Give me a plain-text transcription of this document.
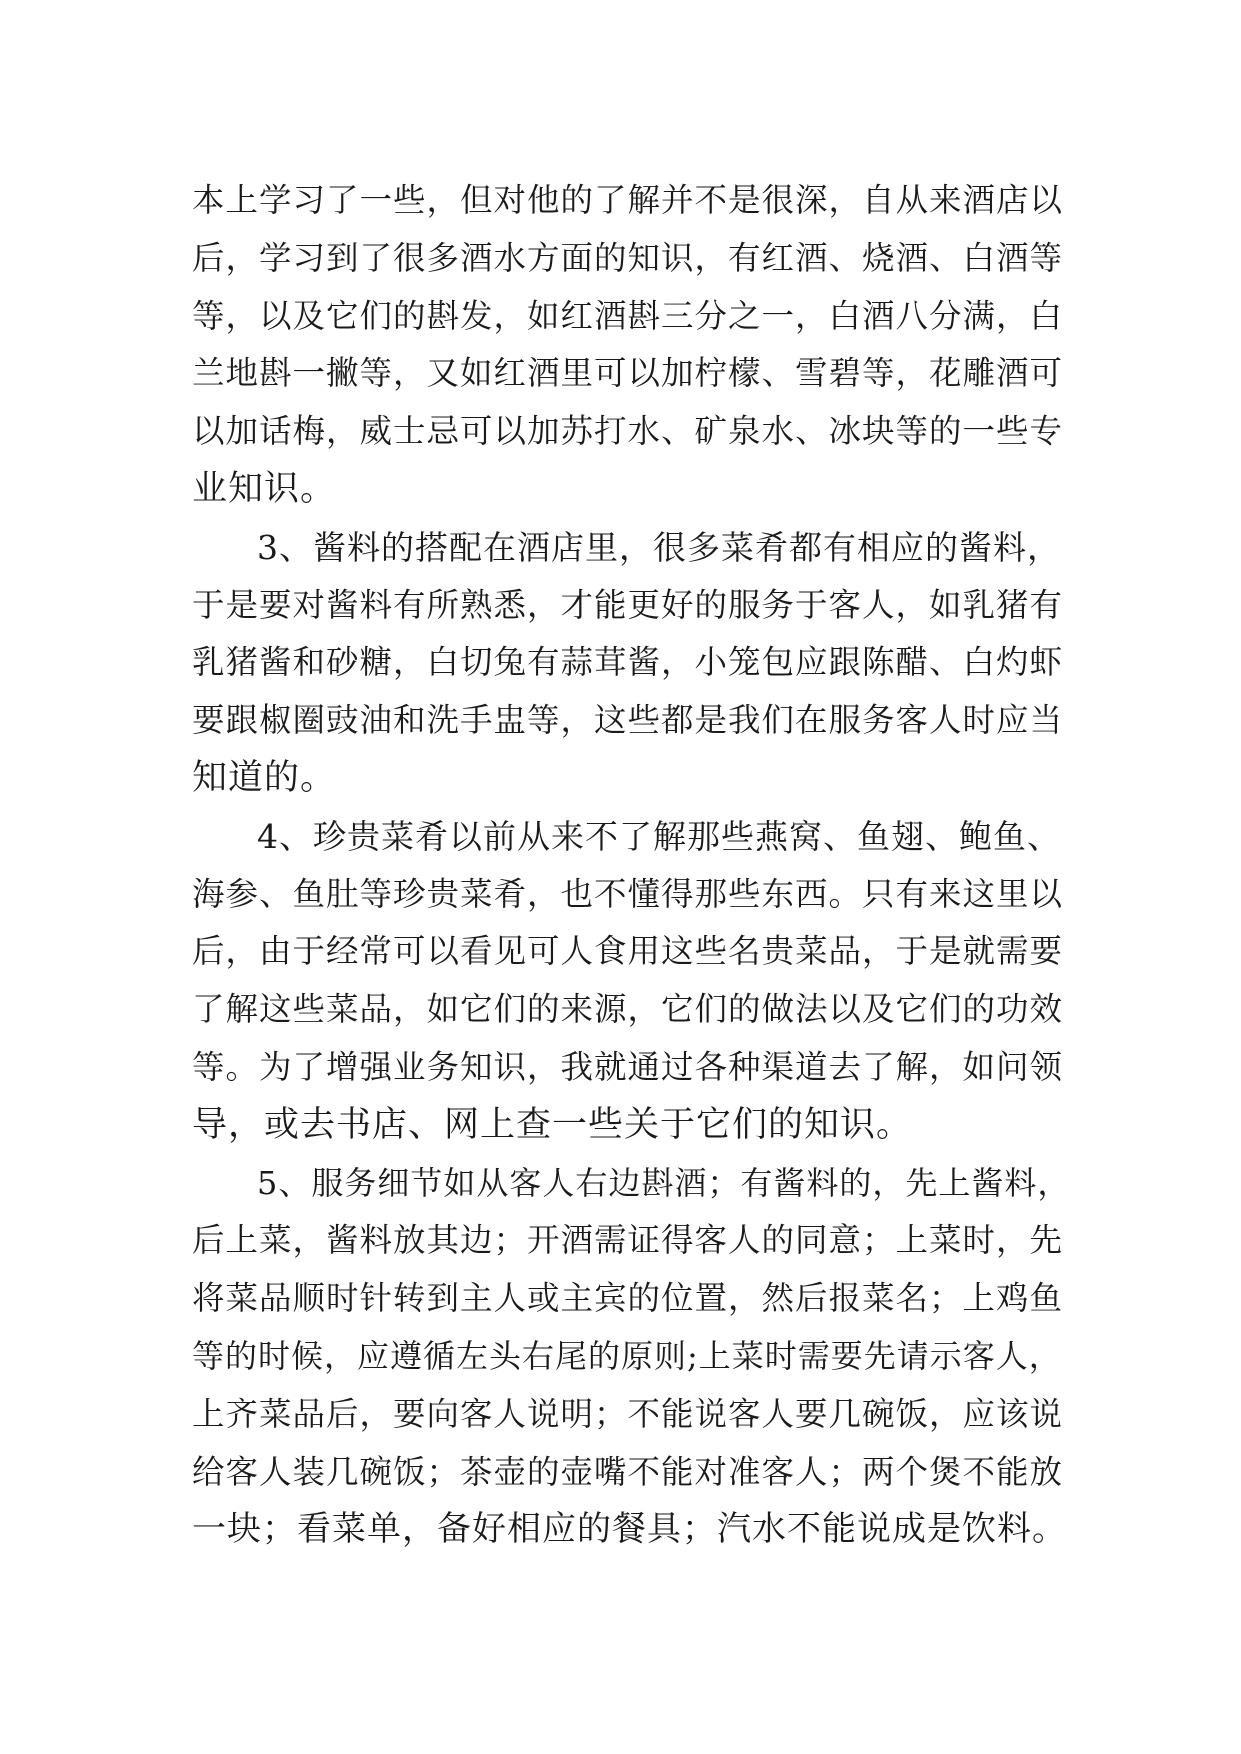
本上学习了一些，但对他的了解并不是很深，自从来酒店以
后，学习到了很多酒水方面的知识，有红酒、烧酒、白酒等
等，以及它们的斟发，如红酒斟三分之一，白酒八分满，白
兰地斟一撇等，又如红酒里可以加柠檬、雪碧等，花雕酒可
以加话梅，威士忌可以加苏打水、矿泉水、冰块等的一些专
业知识。
3、酱料的搭配在酒店里，很多菜肴都有相应的酱料，
于是要对酱料有所熟悉，才能更好的服务于客人，如乳猪有
乳猪酱和砂糖，白切兔有蒜茸酱，小笼包应跟陈醋、白灼虾
要跟椒圈豉油和洗手盅等，这些都是我们在服务客人时应当
知道的。
4、珍贵菜肴以前从来不了解那些燕窝、鱼翅、鲍鱼、
海参、鱼肚等珍贵菜肴，也不懂得那些东西。只有来这里以
后，由于经常可以看见可人食用这些名贵菜品，于是就需要
了解这些菜品，如它们的来源，它们的做法以及它们的功效
等。为了增强业务知识，我就通过各种渠道去了解，如问领
导，或去书店、网上查一些关于它们的知识。
5、服务细节如从客人右边斟酒；有酱料的，先上酱料，
后上菜，酱料放其边；开酒需证得客人的同意；上菜时，先
将菜品顺时针转到主人或主宾的位置，然后报菜名；上鸡鱼
等的时候，应遵循左头右尾的原则;上菜时需要先请示客人，
上齐菜品后，要向客人说明；不能说客人要几碗饭，应该说
给客人装几碗饭；茶壶的壶嘴不能对准客人；两个煲不能放
一块；看菜单，备好相应的餐具；汽水不能说成是饮料。
